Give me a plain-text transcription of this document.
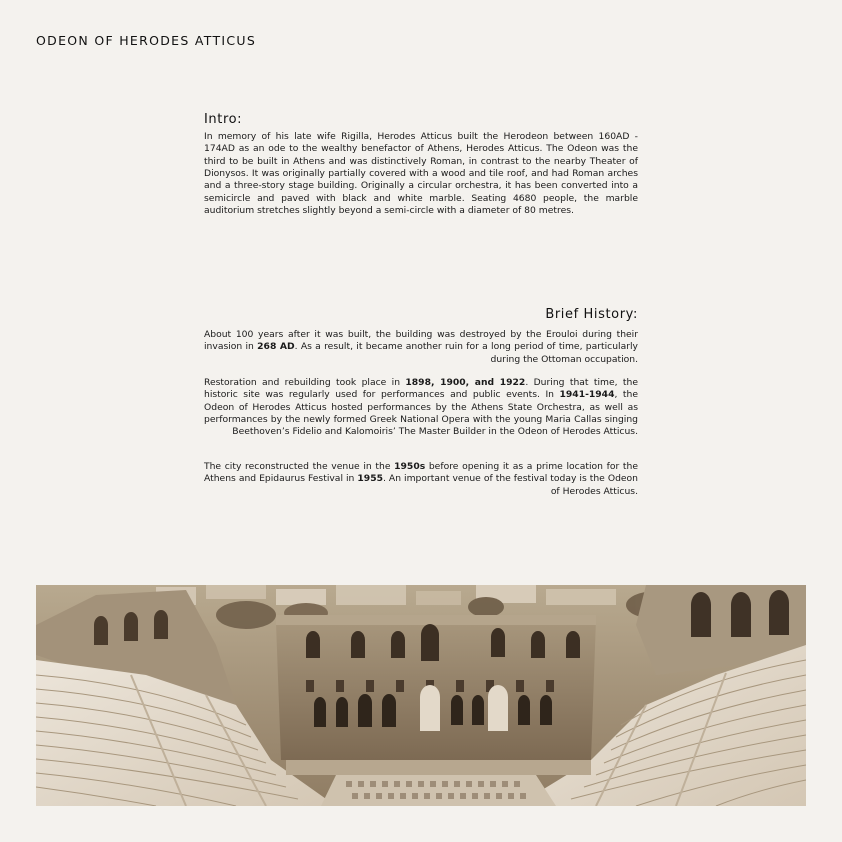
ODEON OF HERODES ATTICUS
Intro:

In memory of his late wife Rigilla, Herodes Atticus built the Herodeon between 160AD - 174AD as an ode to the wealthy benefactor of Athens, Herodes Atticus. The Odeon was the third to be built in Athens and was distinctively Roman, in contrast to the nearby Theater of Dionysos. It was originally partially covered with a wood and tile roof, and had Roman arches and a three-story stage building. Originally a circular orchestra, it has been converted into a semicircle and paved with black and white marble. Seating 4680 people, the marble auditorium stretches slightly beyond a semi-circle with a diameter of 80 metres.

Brief History:

About 100 years after it was built, the building was destroyed by the Erouloi during their invasion in 268 AD. As a result, it became another ruin for a long period of time, particularly during the Ottoman occupation.

Restoration and rebuilding took place in 1898, 1900, and 1922. During that time, the historic site was regularly used for performances and public events. In 1941-1944, the Odeon of Herodes Atticus hosted performances by the Athens State Orchestra, as well as performances by the newly formed Greek National Opera with the young Maria Callas singing Beethoven’s Fidelio and Kalomoiris’ The Master Builder in the Odeon of Herodes Atticus.

The city reconstructed the venue in the 1950s before opening it as a prime location for the Athens and Epidaurus Festival in 1955. An important venue of the festival today is the Odeon of Herodes Atticus.
